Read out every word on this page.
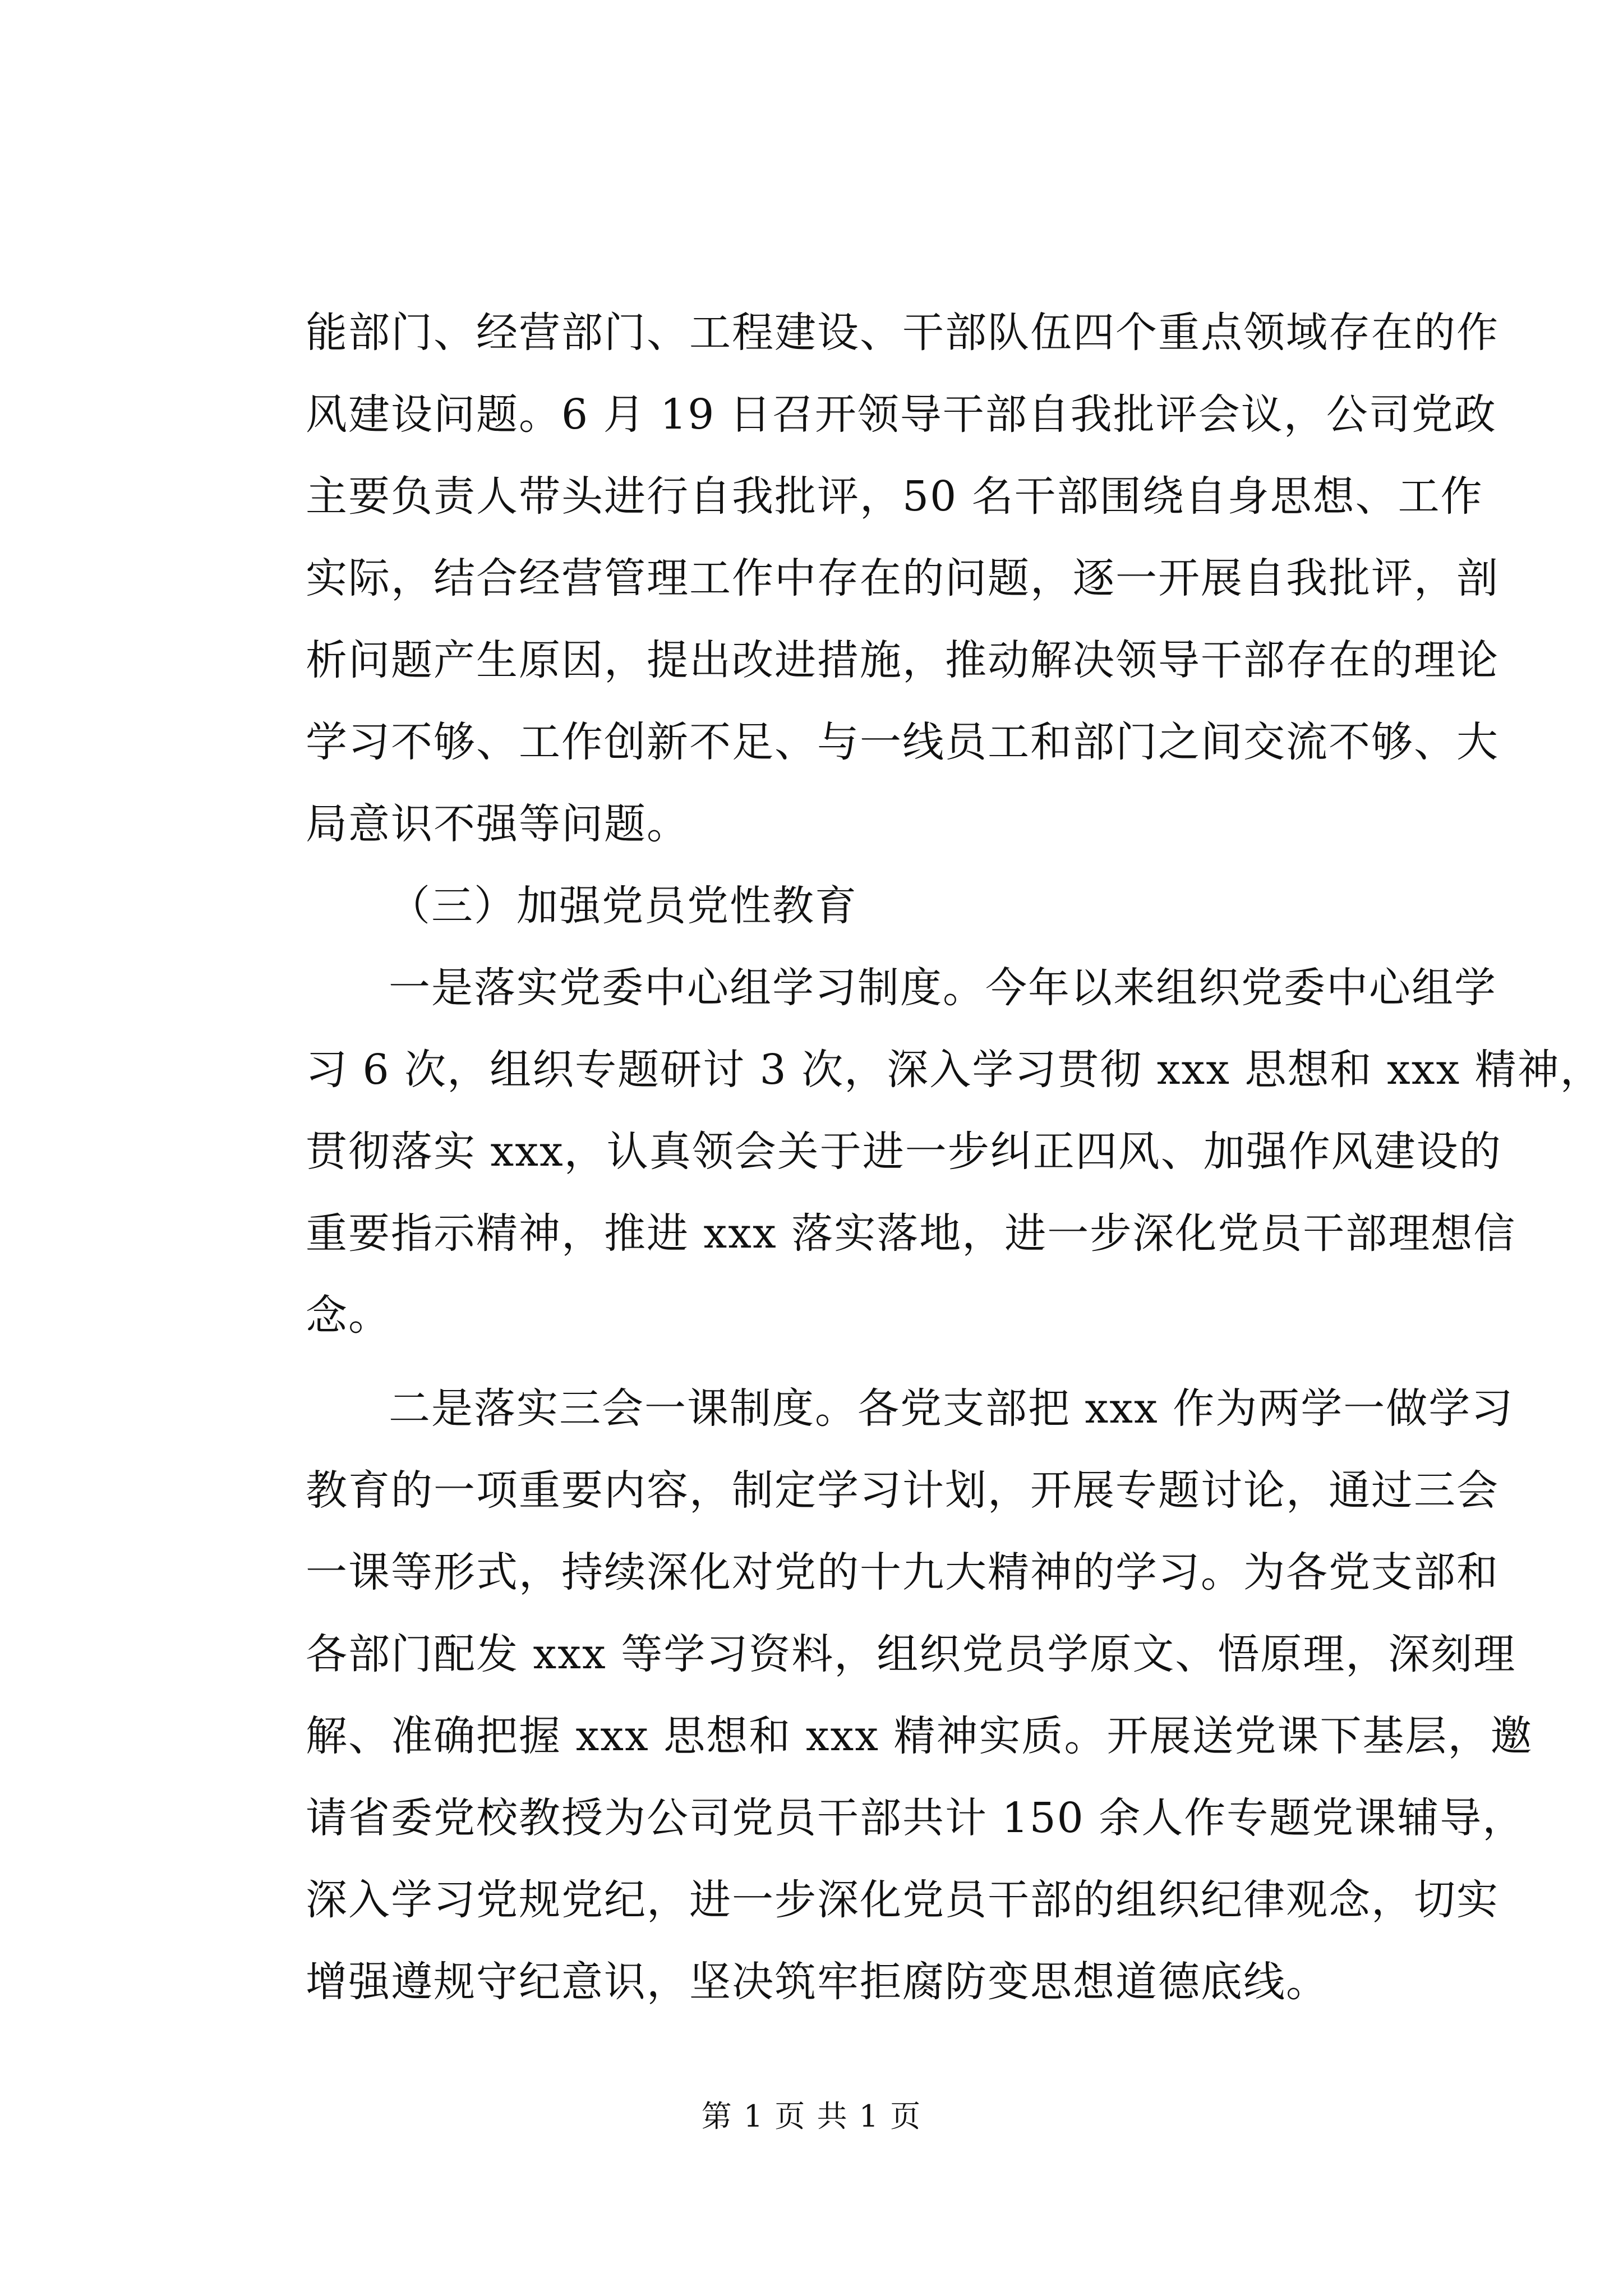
能部门、经营部门、工程建设、干部队伍四个重点领域存在的作
风建设问题。6 月 19 日召开领导干部自我批评会议，公司党政
主要负责人带头进行自我批评，50 名干部围绕自身思想、工作
实际，结合经营管理工作中存在的问题，逐一开展自我批评，剖
析问题产生原因，提出改进措施，推动解决领导干部存在的理论
学习不够、工作创新不足、与一线员工和部门之间交流不够、大
局意识不强等问题。
（三）加强党员党性教育
一是落实党委中心组学习制度。今年以来组织党委中心组学
习 6 次，组织专题研讨 3 次，深入学习贯彻 xxx 思想和 xxx 精神，
贯彻落实 xxx，认真领会关于进一步纠正四风、加强作风建设的
重要指示精神，推进 xxx 落实落地，进一步深化党员干部理想信
念。
二是落实三会一课制度。各党支部把 xxx 作为两学一做学习
教育的一项重要内容，制定学习计划，开展专题讨论，通过三会
一课等形式，持续深化对党的十九大精神的学习。为各党支部和
各部门配发 xxx 等学习资料，组织党员学原文、悟原理，深刻理
解、准确把握 xxx 思想和 xxx 精神实质。开展送党课下基层，邀
请省委党校教授为公司党员干部共计 150 余人作专题党课辅导，
深入学习党规党纪，进一步深化党员干部的组织纪律观念，切实
增强遵规守纪意识，坚决筑牢拒腐防变思想道德底线。
第 1 页 共 1 页
